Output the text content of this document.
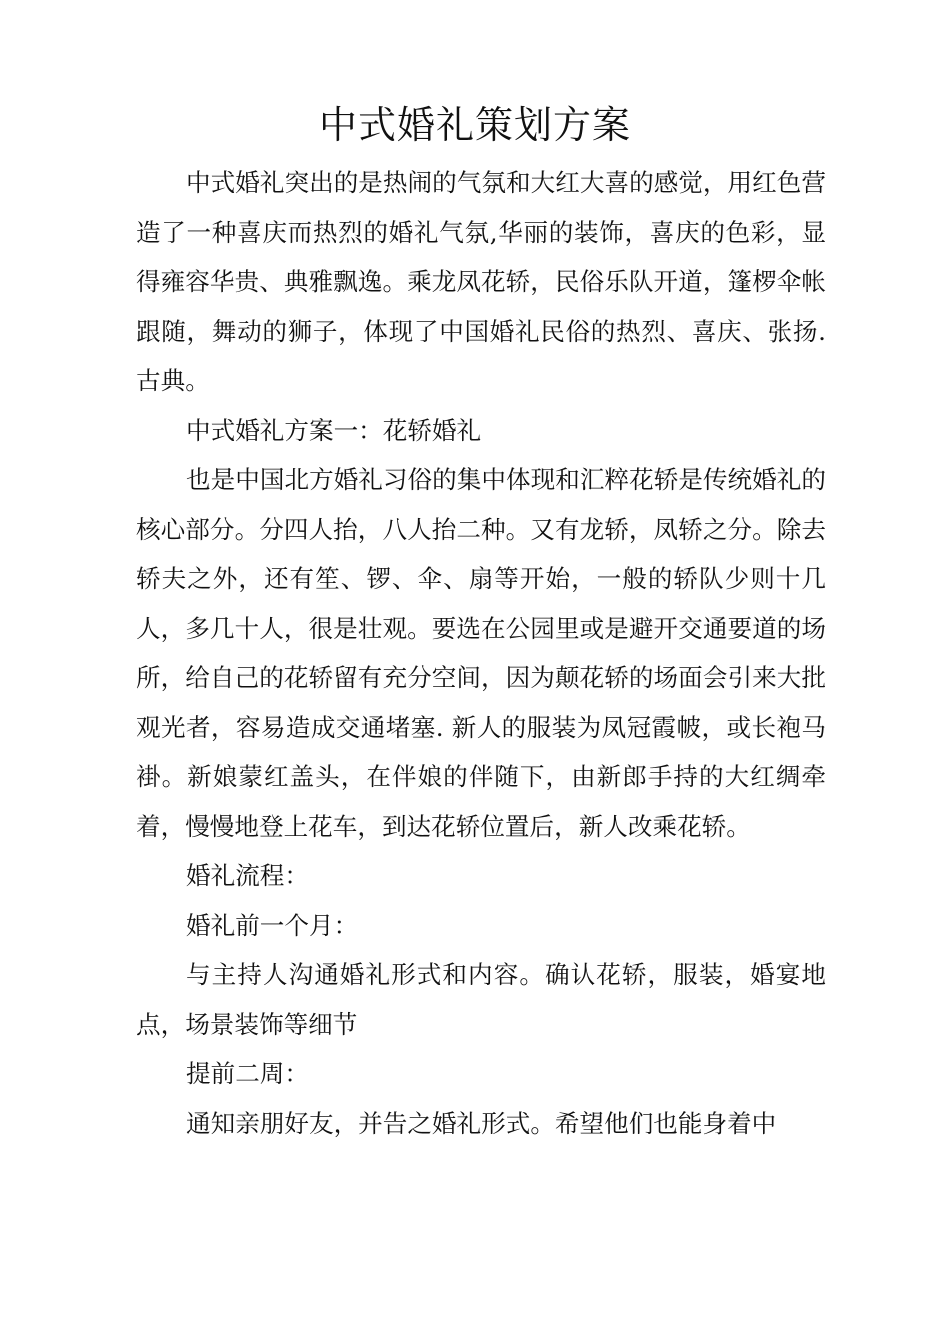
中式婚礼策划方案

中式婚礼突出的是热闹的气氛和大红大喜的感觉，用红色营造了一种喜庆而热烈的婚礼气氛,华丽的装饰，喜庆的色彩，显得雍容华贵、典雅飘逸。乘龙凤花轿，民俗乐队开道，篷椤伞帐跟随，舞动的狮子，体现了中国婚礼民俗的热烈、喜庆、张扬. 古典。

中式婚礼方案一：花轿婚礼

也是中国北方婚礼习俗的集中体现和汇粹花轿是传统婚礼的核心部分。分四人抬，八人抬二种。又有龙轿，凤轿之分。除去轿夫之外，还有笙、锣、伞、扇等开始，一般的轿队少则十几人，多几十人，很是壮观。要选在公园里或是避开交通要道的场所，给自己的花轿留有充分空间，因为颠花轿的场面会引来大批观光者，容易造成交通堵塞. 新人的服装为凤冠霞帔，或长袍马褂。新娘蒙红盖头，在伴娘的伴随下，由新郎手持的大红绸牵着，慢慢地登上花车，到达花轿位置后，新人改乘花轿。

婚礼流程：

婚礼前一个月：

与主持人沟通婚礼形式和内容。确认花轿，服装，婚宴地点，场景装饰等细节

提前二周：

通知亲朋好友，并告之婚礼形式。希望他们也能身着中
